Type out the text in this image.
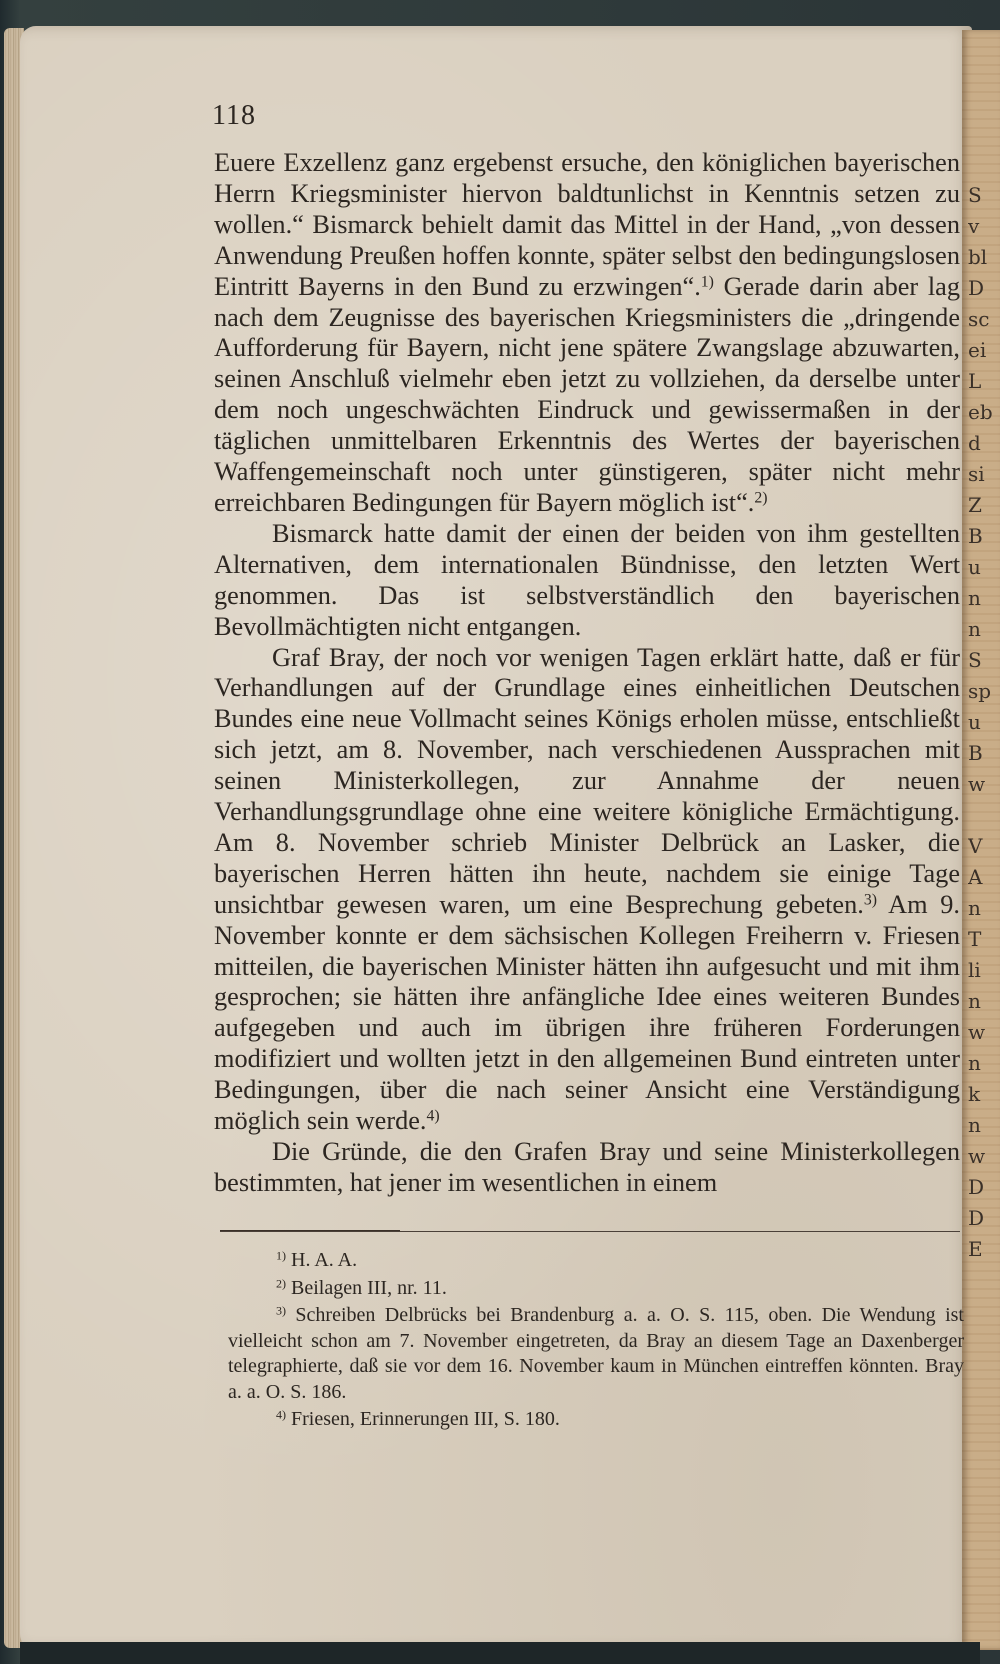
S
v
bl
D
sc
ei
L
eb
d
si
Z
B
u
n
n
S
sp
u
B
w
V
A
n
T
li
n
w
n
k
n
w
D
D
E
118

Euere Exzellenz ganz ergebenst ersuche, den königlichen bayerischen Herrn Kriegsminister hiervon baldtunlichst in Kenntnis setzen zu wollen.“ Bismarck behielt damit das Mittel in der Hand, „von dessen Anwendung Preußen hoffen konnte, später selbst den bedingungslosen Eintritt Bayerns in den Bund zu erzwingen“.$^{1)}$ Gerade darin aber lag nach dem Zeugnisse des bayerischen Kriegsministers die „dringende Aufforderung für Bayern, nicht jene spätere Zwangslage abzuwarten, seinen Anschluß vielmehr eben jetzt zu vollziehen, da derselbe unter dem noch ungeschwächten Eindruck und gewissermaßen in der täglichen unmittelbaren Erkenntnis des Wertes der bayerischen Waffengemeinschaft noch unter günstigeren, später nicht mehr erreichbaren Bedingungen für Bayern möglich ist“.$^{2)}$

Bismarck hatte damit der einen der beiden von ihm gestellten Alternativen, dem internationalen Bündnisse, den letzten Wert genommen. Das ist selbstverständlich den bayerischen Bevollmächtigten nicht entgangen.

Graf Bray, der noch vor wenigen Tagen erklärt hatte, daß er für Verhandlungen auf der Grundlage eines einheitlichen Deutschen Bundes eine neue Vollmacht seines Königs erholen müsse, entschließt sich jetzt, am 8. November, nach verschiedenen Aussprachen mit seinen Ministerkollegen, zur Annahme der neuen Verhandlungsgrundlage ohne eine weitere königliche Ermächtigung. Am 8. November schrieb Minister Delbrück an Lasker, die bayerischen Herren hätten ihn heute, nachdem sie einige Tage unsichtbar gewesen waren, um eine Besprechung gebeten.$^{3)}$ Am 9. November konnte er dem sächsischen Kollegen Freiherrn v. Friesen mitteilen, die bayerischen Minister hätten ihn aufgesucht und mit ihm gesprochen; sie hätten ihre anfängliche Idee eines weiteren Bundes aufgegeben und auch im übrigen ihre früheren Forderungen modifiziert und wollten jetzt in den allgemeinen Bund eintreten unter Bedingungen, über die nach seiner Ansicht eine Verständigung möglich sein werde.$^{4)}$

Die Gründe, die den Grafen Bray und seine Ministerkollegen bestimmten, hat jener im wesentlichen in einem

$^{1)}$ H. A. A.

$^{2)}$ Beilagen III, nr. 11.

$^{3)}$ Schreiben Delbrücks bei Brandenburg a. a. O. S. 115, oben. Die Wendung ist vielleicht schon am 7. November eingetreten, da Bray an diesem Tage an Daxenberger telegraphierte, daß sie vor dem 16. November kaum in München eintreffen könnten. Bray a. a. O. S. 186.

$^{4)}$ Friesen, Erinnerungen III, S. 180.
